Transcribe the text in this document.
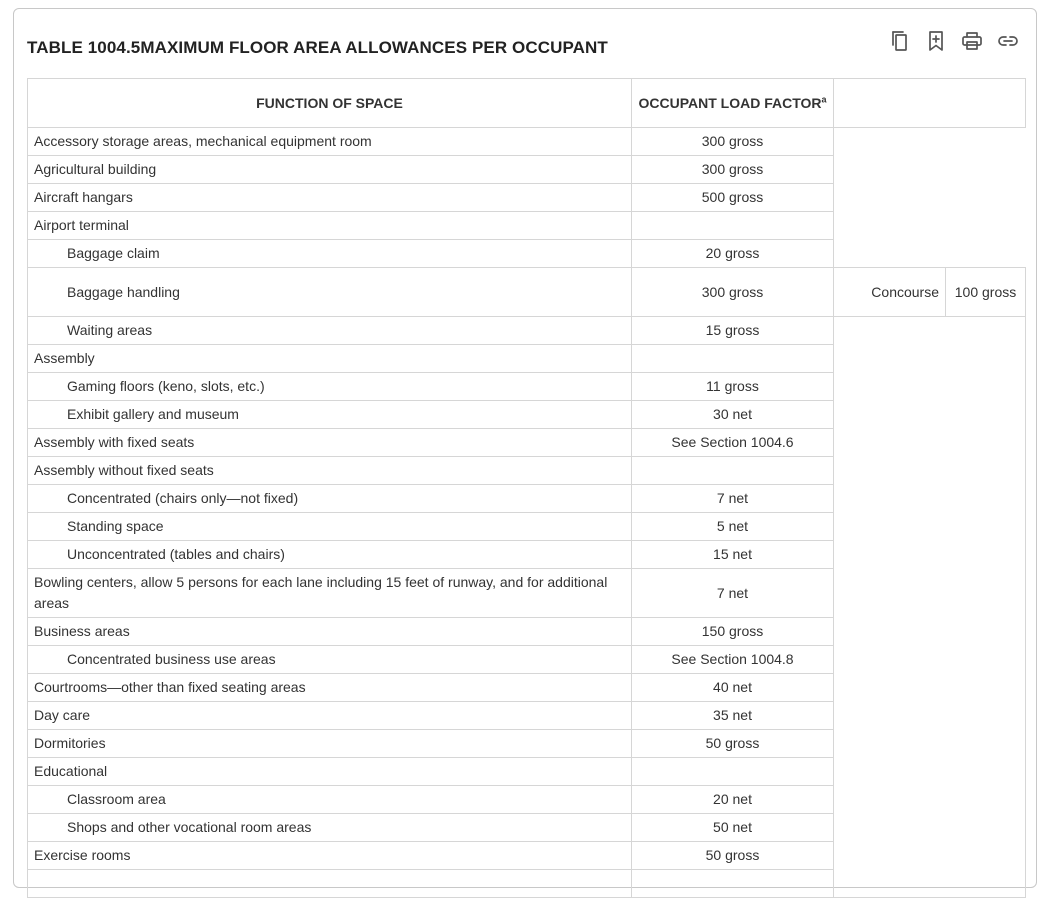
TABLE 1004.5MAXIMUM FLOOR AREA ALLOWANCES PER OCCUPANT
FUNCTION OF SPACE	OCCUPANT LOAD FACTOR$^a$	
Accessory storage areas, mechanical equipment room	300 gross		
Agricultural building	300 gross		
Aircraft hangars	500 gross		
Airport terminal			
Baggage claim	20 gross		
Baggage handling	300 gross	Concourse	100 gross
Waiting areas	15 gross		
Assembly			
Gaming floors (keno, slots, etc.)	11 gross		
Exhibit gallery and museum	30 net		
Assembly with fixed seats	See Section 1004.6		
Assembly without fixed seats			
Concentrated (chairs only—not fixed)	7 net		
Standing space	5 net		
Unconcentrated (tables and chairs)	15 net		
Bowling centers, allow 5 persons for each lane including 15 feet of runway, and for additional areas	7 net		
Business areas	150 gross		
Concentrated business use areas	See Section 1004.8		
Courtrooms—other than fixed seating areas	40 net		
Day care	35 net		
Dormitories	50 gross		
Educational			
Classroom area	20 net		
Shops and other vocational room areas	50 net		
Exercise rooms	50 gross		
